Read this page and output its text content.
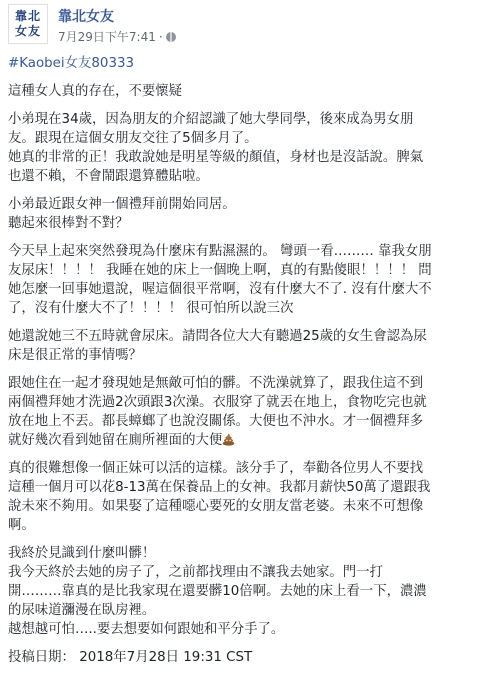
靠北
女友
靠北女友
7月29日下午7:41 ·
#Kaobei女友80333
這種女人真的存在，不要懷疑
小弟現在34歲，因為朋友的介紹認識了她大學同學，後來成為男女朋
友。跟現在這個女朋友交往了5個多月了。
她真的非常的正！我敢說她是明星等級的顏值，身材也是沒話說。脾氣
也還不賴，不會鬧跟還算體貼啦。
小弟最近跟女神一個禮拜前開始同居。
聽起來很棒對不對？
今天早上起來突然發現為什麼床有點濕濕的。 彎頭一看……… 靠我女朋
友尿床！！！！ 我睡在她的床上一個晚上啊，真的有點傻眼！！！！ 問
她怎麼一回事她還說，喔這個很平常啊，沒有什麼大不了. 沒有什麼大不
了，沒有什麼大不了！！！！ 很可怕所以說三次
她還說她三不五時就會尿床。請問各位大大有聽過25歲的女生會認為尿
床是很正常的事情嗎？
跟她住在一起才發現她是無敵可怕的髒。不洗澡就算了，跟我住這不到
兩個禮拜她才洗過2次頭跟3次澡。衣服穿了就丟在地上，食物吃完也就
放在地上不丟。都長蟑螂了也說沒關係。大便也不沖水。才一個禮拜多
就好幾次看到她留在廁所裡面的大便
真的很難想像一個正妹可以活的這樣。該分手了，奉勸各位男人不要找
這種一個月可以花8-13萬在保養品上的女神。我都月薪快50萬了還跟我
說未來不夠用。如果娶了這種噁心要死的女朋友當老婆。未來不可想像
啊。
我終於見識到什麼叫髒！
我今天終於去她的房子了，之前都找理由不讓我去她家。門一打
開………靠真的是比我家現在還要髒10倍啊。去她的床上看一下，濃濃
的尿味道瀰漫在臥房裡。
越想越可怕…..要去想要如何跟她和平分手了。
投稿日期： 2018年7月28日 19:31 CST
